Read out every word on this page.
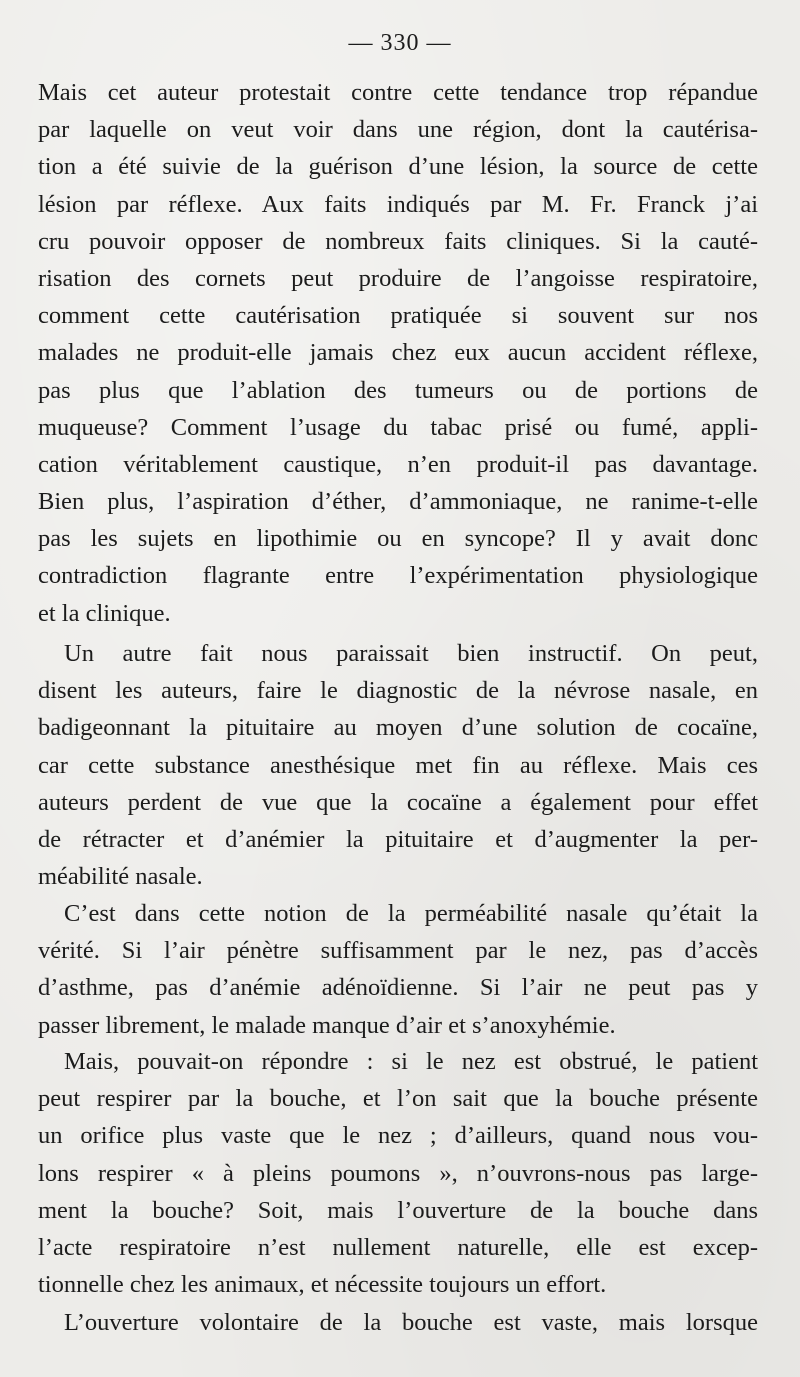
— 330 —
Mais cet auteur protestait contre cette tendance trop répandue
par laquelle on veut voir dans une région, dont la cautérisa-
tion a été suivie de la guérison d’une lésion, la source de cette
lésion par réflexe. Aux faits indiqués par M. Fr. Franck j’ai
cru pouvoir opposer de nombreux faits cliniques. Si la cauté-
risation des cornets peut produire de l’angoisse respiratoire,
comment cette cautérisation pratiquée si souvent sur nos
malades ne produit-elle jamais chez eux aucun accident réflexe,
pas plus que l’ablation des tumeurs ou de portions de
muqueuse? Comment l’usage du tabac prisé ou fumé, appli-
cation véritablement caustique, n’en produit-il pas davantage.
Bien plus, l’aspiration d’éther, d’ammoniaque, ne ranime-t-elle
pas les sujets en lipothimie ou en syncope? Il y avait donc
contradiction flagrante entre l’expérimentation physiologique
et la clinique.
Un autre fait nous paraissait bien instructif. On peut,
disent les auteurs, faire le diagnostic de la névrose nasale, en
badigeonnant la pituitaire au moyen d’une solution de cocaïne,
car cette substance anesthésique met fin au réflexe. Mais ces
auteurs perdent de vue que la cocaïne a également pour effet
de rétracter et d’anémier la pituitaire et d’augmenter la per-
méabilité nasale.
C’est dans cette notion de la perméabilité nasale qu’était la
vérité. Si l’air pénètre suffisamment par le nez, pas d’accès
d’asthme, pas d’anémie adénoïdienne. Si l’air ne peut pas y
passer librement, le malade manque d’air et s’anoxyhémie.
Mais, pouvait-on répondre : si le nez est obstrué, le patient
peut respirer par la bouche, et l’on sait que la bouche présente
un orifice plus vaste que le nez ; d’ailleurs, quand nous vou-
lons respirer « à pleins poumons », n’ouvrons-nous pas large-
ment la bouche? Soit, mais l’ouverture de la bouche dans
l’acte respiratoire n’est nullement naturelle, elle est excep-
tionnelle chez les animaux, et nécessite toujours un effort.
L’ouverture volontaire de la bouche est vaste, mais lorsque
